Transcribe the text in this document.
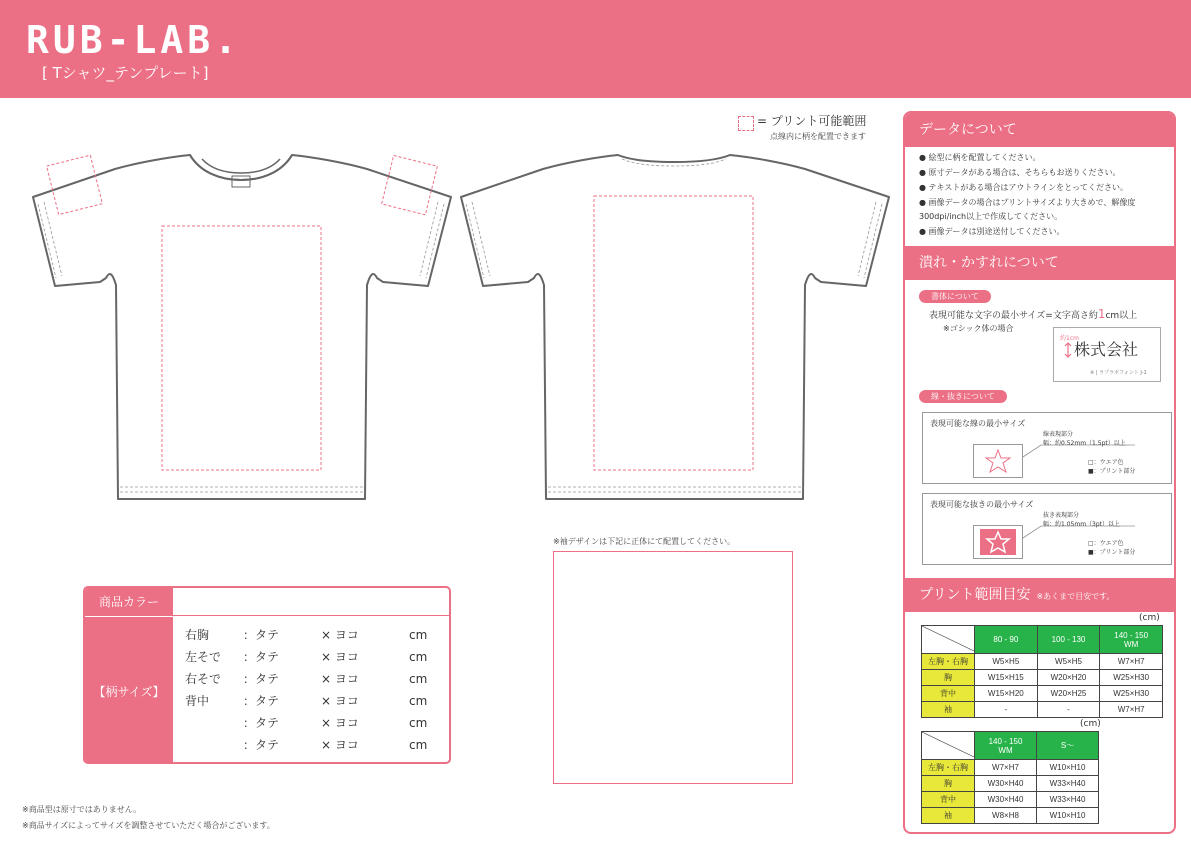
RUB-LAB.
[ Tシャツ_テンプレート]
= プリント可能範囲
点線内に柄を配置できます
※袖デザインは下記に正体にて配置してください。
商品カラー
【柄サイズ】
右胸	：タテ	× ヨコ	cm
左そで ：タテ	× ヨコ	cm
右そで ：タテ	× ヨコ	cm
背中	：タテ	× ヨコ	cm
：タテ	× ヨコ	cm
：タテ	× ヨコ	cm
※商品型は原寸ではありません。
※商品サイズによってサイズを調整させていただく場合がございます。
データについて
● 絵型に柄を配置してください。
● 原寸データがある場合は、そちらもお送りください。
● テキストがある場合はアウトラインをとってください。
● 画像データの場合はプリントサイズより大きめで、解像度
300dpi/inch以上で作成してください。
● 画像データは別途送付してください。
潰れ・かすれについて
書体について
表現可能な文字の最小サイズ=文字高さ約1cm以上
※ゴシック体の場合
約1cm
株式会社
※ | ラプラボフォント J-1
線・抜きについて
表現可能な線の最小サイズ
線表現部分
幅：約0.52mm（1.5pt）以上
□：ウエア色
■：プリント部分
表現可能な抜きの最小サイズ
抜き表現部分
幅：約1.05mm（3pt）以上
□：ウエア色
■：プリント部分
プリント範囲目安 ※あくまで目安です。
(cm)
	80 - 90	100 - 130	140 - 150
WM
左胸・右胸	W5×H5	W5×H5	W7×H7
胸	W15×H15	W20×H20	W25×H30
背中	W15×H20	W20×H25	W25×H30
袖	-	-	W7×H7
(cm)
	140 - 150
WM	S～
左胸・右胸	W7×H7	W10×H10
胸	W30×H40	W33×H40
背中	W30×H40	W33×H40
袖	W8×H8	W10×H10
